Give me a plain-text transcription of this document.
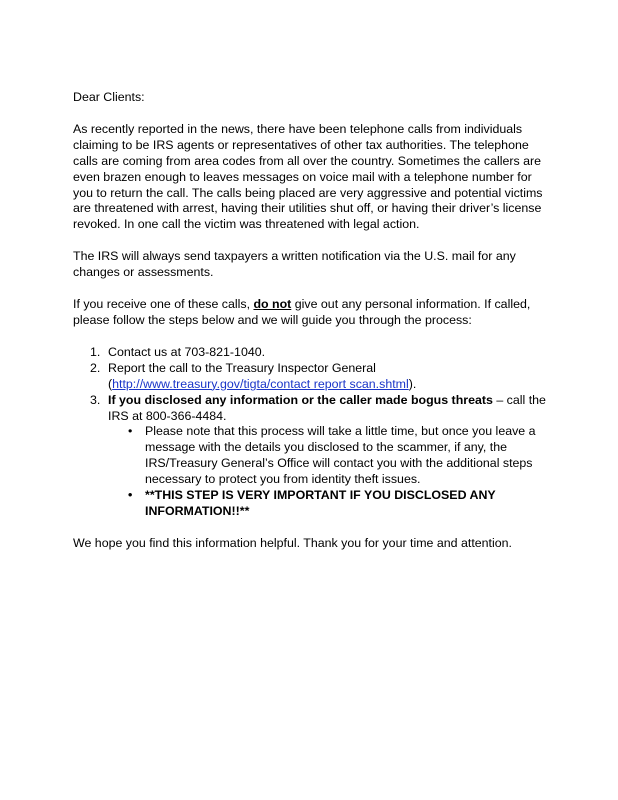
Dear Clients:

As recently reported in the news, there have been telephone calls from individuals claiming to be IRS agents or representatives of other tax authorities. The telephone calls are coming from area codes from all over the country. Sometimes the callers are even brazen enough to leaves messages on voice mail with a telephone number for you to return the call. The calls being placed are very aggressive and potential victims are threatened with arrest, having their utilities shut off, or having their driver’s license revoked. In one call the victim was threatened with legal action.

The IRS will always send taxpayers a written notification via the U.S. mail for any changes or assessments.

If you receive one of these calls, do not give out any personal information. If called, please follow the steps below and we will guide you through the process:

1. Contact us at 703-821-1040.
2. Report the call to the Treasury Inspector General
(http://www.treasury.gov/tigta/contact report scan.shtml).
3. If you disclosed any information or the caller made bogus threats – call the IRS at 800-366-4484.
• Please note that this process will take a little time, but once you leave a message with the details you disclosed to the scammer, if any, the IRS/Treasury General’s Office will contact you with the additional steps necessary to protect you from identity theft issues.
• **THIS STEP IS VERY IMPORTANT IF YOU DISCLOSED ANY INFORMATION!!**

We hope you find this information helpful. Thank you for your time and attention.
